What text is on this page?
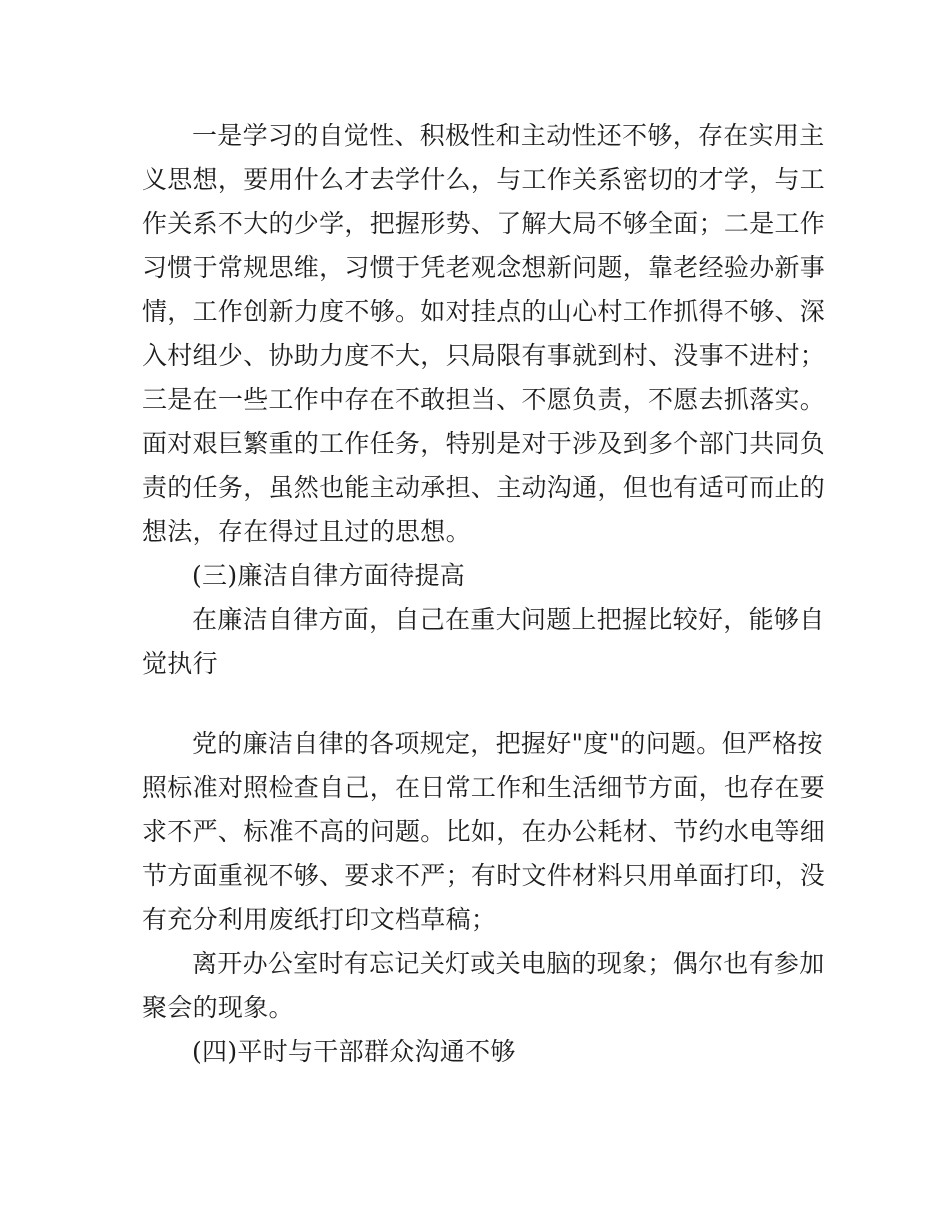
一是学习的自觉性、积极性和主动性还不够，存在实用主
义思想，要用什么才去学什么，与工作关系密切的才学，与工
作关系不大的少学，把握形势、了解大局不够全面；二是工作
习惯于常规思维，习惯于凭老观念想新问题，靠老经验办新事
情，工作创新力度不够。如对挂点的山心村工作抓得不够、深
入村组少、协助力度不大，只局限有事就到村、没事不进村；
三是在一些工作中存在不敢担当、不愿负责，不愿去抓落实。
面对艰巨繁重的工作任务，特别是对于涉及到多个部门共同负
责的任务，虽然也能主动承担、主动沟通，但也有适可而止的
想法，存在得过且过的思想。
(三)廉洁自律方面待提高
在廉洁自律方面，自己在重大问题上把握比较好，能够自
觉执行
党的廉洁自律的各项规定，把握好"度"的问题。但严格按
照标准对照检查自己，在日常工作和生活细节方面，也存在要
求不严、标准不高的问题。比如，在办公耗材、节约水电等细
节方面重视不够、要求不严；有时文件材料只用单面打印，没
有充分利用废纸打印文档草稿；
离开办公室时有忘记关灯或关电脑的现象；偶尔也有参加
聚会的现象。
(四)平时与干部群众沟通不够
